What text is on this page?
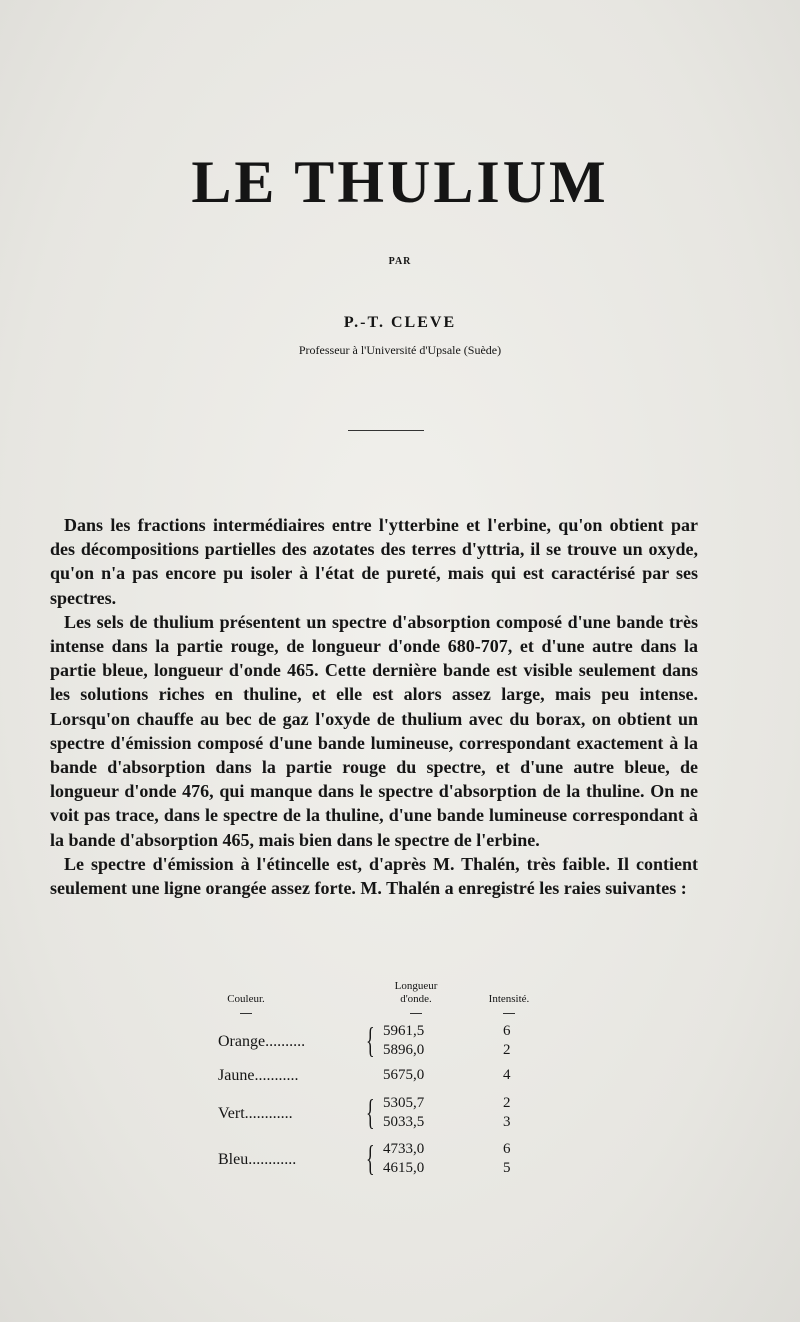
LE THULIUM
PAR
P.-T. CLEVE
Professeur à l'Université d'Upsale (Suède)

Dans les fractions intermédiaires entre l'ytterbine et l'erbine, qu'on obtient par des décompositions partielles des azotates des terres d'yttria, il se trouve un oxyde, qu'on n'a pas encore pu isoler à l'état de pureté, mais qui est caractérisé par ses spectres.

Les sels de thulium présentent un spectre d'absorption composé d'une bande très intense dans la partie rouge, de longueur d'onde 680-707, et d'une autre dans la partie bleue, longueur d'onde 465. Cette dernière bande est visible seulement dans les solutions riches en thuline, et elle est alors assez large, mais peu intense. Lorsqu'on chauffe au bec de gaz l'oxyde de thulium avec du borax, on obtient un spectre d'émission composé d'une bande lumineuse, correspondant exactement à la bande d'absorption dans la partie rouge du spectre, et d'une autre bleue, de longueur d'onde 476, qui manque dans le spectre d'absorption de la thuline. On ne voit pas trace, dans le spectre de la thuline, d'une bande lumineuse correspondant à la bande d'absorption 465, mais bien dans le spectre de l'erbine.

Le spectre d'émission à l'étincelle est, d'après M. Thalén, très faible. Il contient seulement une ligne orangée assez forte. M. Thalén a enregistré les raies suivantes :

Couleur.
Longueur
d'onde.	Intensité.
Orange.......... { 5961,5	6
5896,0	2
Jaune...........	5675,0	4
Vert............ { 5305,7	2
5033,5	3
Bleu............ { 4733,0	6
4615,0	5
